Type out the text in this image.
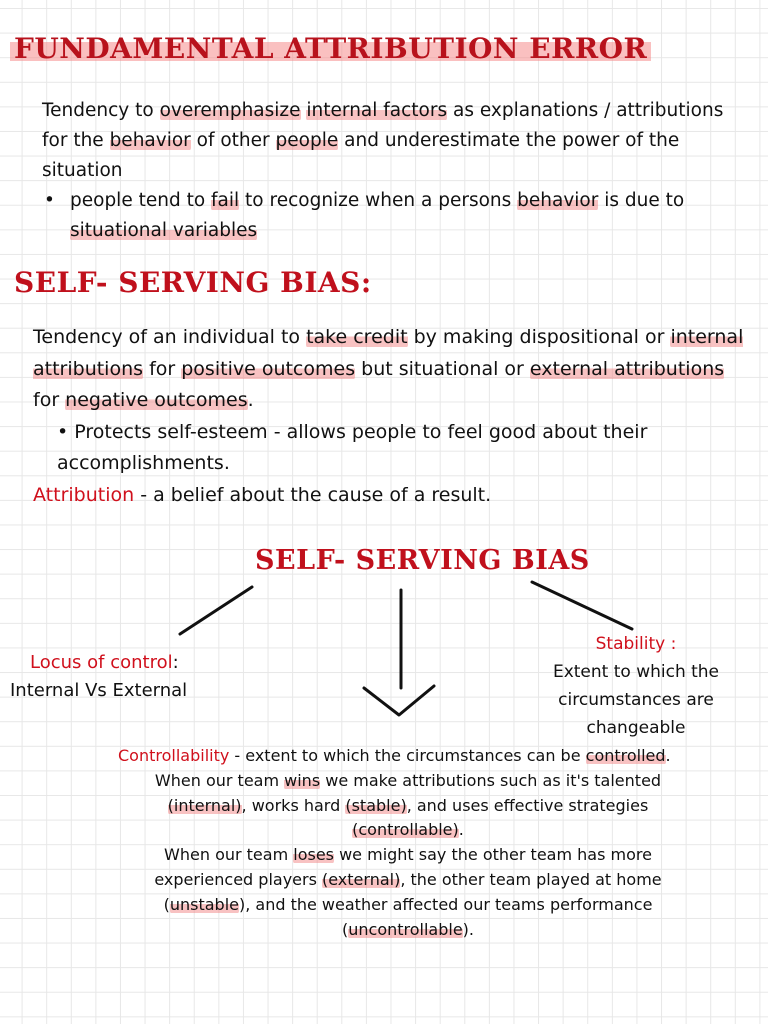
FUNDAMENTAL ATTRIBUTION ERROR
Tendency to overemphasize internal factors as explanations / attributions for the behavior of other people and underestimate the power of the situation
• people tend to fail to recognize when a persons behavior is due to situational variables
SELF- SERVING BIAS:
Tendency of an individual to take credit by making dispositional or internal attributions for positive outcomes but situational or external attributions for negative outcomes.
• Protects self-esteem - allows people to feel good about their accomplishments.
Attribution - a belief about the cause of a result.
SELF- SERVING BIAS
Locus of control:
Internal Vs External
Stability :
Extent to which the circumstances are changeable
Controllability - extent to which the circumstances can be controlled.
When our team wins we make attributions such as it's talented (internal), works hard (stable), and uses effective strategies (controllable).
When our team loses we might say the other team has more experienced players (external), the other team played at home (unstable), and the weather affected our teams performance (uncontrollable).
